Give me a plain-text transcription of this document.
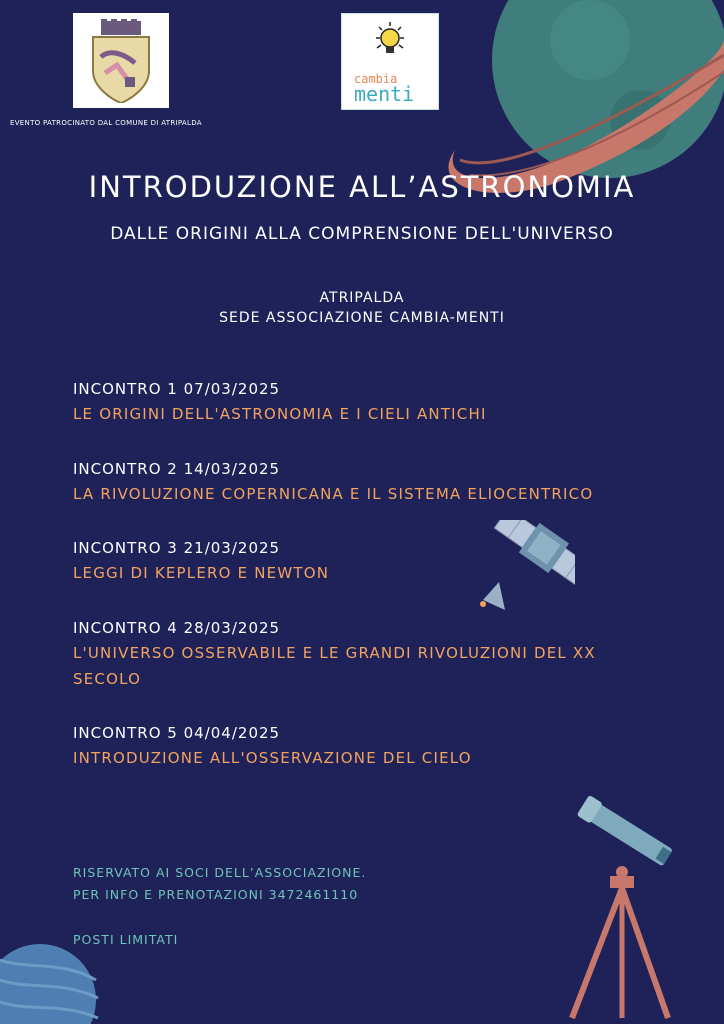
cambia
menti
EVENTO PATROCINATO DAL COMUNE DI ATRIPALDA
INTRODUZIONE ALL’ASTRONOMIA
DALLE ORIGINI ALLA COMPRENSIONE DELL'UNIVERSO
ATRIPALDA
SEDE ASSOCIAZIONE CAMBIA-MENTI
INCONTRO 1 07/03/2025
LE ORIGINI DELL'ASTRONOMIA E I CIELI ANTICHI
INCONTRO 2 14/03/2025
LA RIVOLUZIONE COPERNICANA E IL SISTEMA ELIOCENTRICO
INCONTRO 3 21/03/2025
LEGGI DI KEPLERO E NEWTON
INCONTRO 4 28/03/2025
L'UNIVERSO OSSERVABILE E LE GRANDI RIVOLUZIONI DEL XX
SECOLO
INCONTRO 5 04/04/2025
INTRODUZIONE ALL'OSSERVAZIONE DEL CIELO
RISERVATO AI SOCI DELL’ASSOCIAZIONE.
PER INFO E PRENOTAZIONI 3472461110
POSTI LIMITATI
